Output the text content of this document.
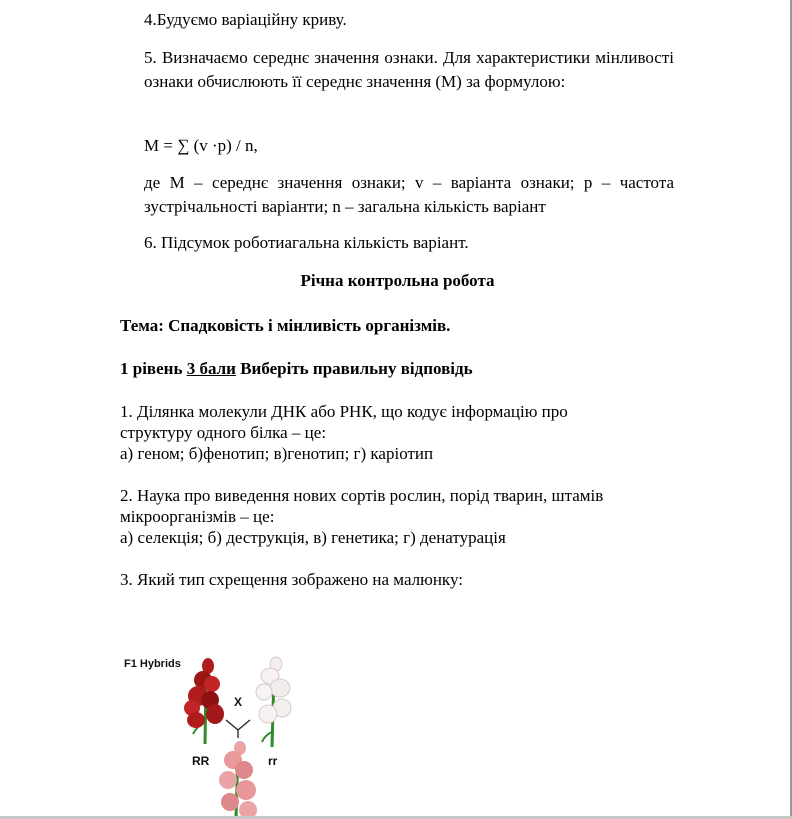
4.Будуємо варіаційну криву.

5. Визначаємо середнє значення ознаки. Для характеристики мінливості ознаки обчислюють її середнє значення (М) за формулою:

М = ∑ (v ·p) / n,

де М – середнє значення ознаки; v – варіанта ознаки; p – частота зустрічальності варіанти; n – загальна кількість варіант

6. Підсумок роботиагальна кількість варіант.

Річна контрольна робота

Тема: Спадковість і мінливість організмів.

1 рівень 3 бали Виберіть правильну відповідь

1. Ділянка молекули ДНК або РНК, що кодує інформацію про

структуру одного білка – це:

а) геном; б)фенотип; в)генотип; г) каріотип

2. Наука про виведення нових сортів рослин, порід тварин, штамів

мікроорганізмів – це:

а) селекція; б) деструкція, в) генетика; г) денатурація

3. Який тип схрещення зображено на малюнку:

F1 Hybrids
X
RR	rr
